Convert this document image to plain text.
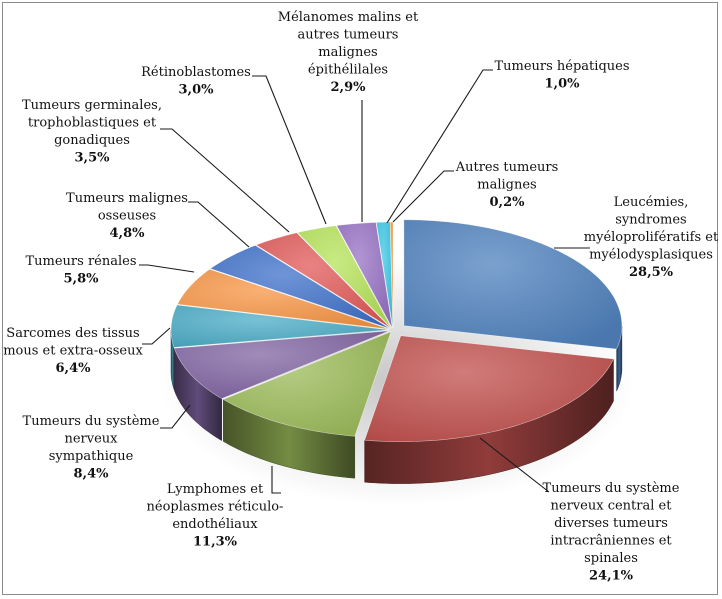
Leucémies,
syndromes
myéloprolifératifs et
myélodysplasiques
28,5%
Tumeurs du système
nerveux central et
diverses tumeurs
intracrâniennes et
spinales
24,1%
Lymphomes et
néoplasmes réticulo-
endothéliaux
11,3%
Tumeurs du système
nerveux
sympathique
8,4%
Sarcomes des tissus
mous et extra-osseux
6,4%
Tumeurs rénales
5,8%
Tumeurs malignes
osseuses
4,8%
Tumeurs germinales,
trophoblastiques et
gonadiques
3,5%
Rétinoblastomes
3,0%
Mélanomes malins et
autres tumeurs
malignes
épithélilales
2,9%
Tumeurs hépatiques
1,0%
Autres tumeurs
malignes
0,2%
